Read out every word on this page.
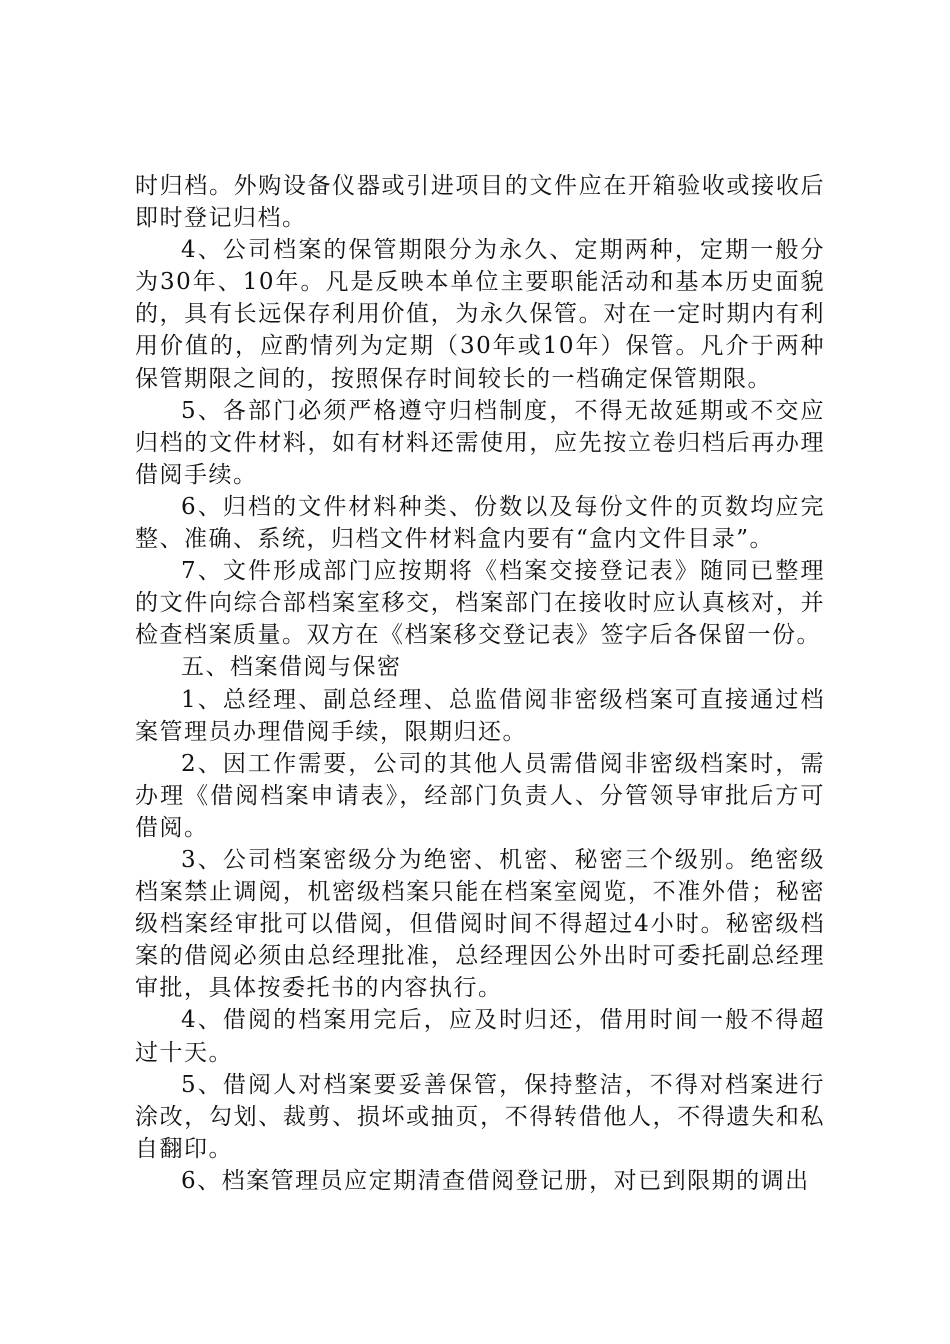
时归档。外购设备仪器或引进项目的文件应在开箱验收或接收后即时登记归档。

4、公司档案的保管期限分为永久、定期两种，定期一般分为30年、10年。凡是反映本单位主要职能活动和基本历史面貌的，具有长远保存利用价值，为永久保管。对在一定时期内有利用价值的，应酌情列为定期（30年或10年）保管。凡介于两种保管期限之间的，按照保存时间较长的一档确定保管期限。

5、各部门必须严格遵守归档制度，不得无故延期或不交应归档的文件材料，如有材料还需使用，应先按立卷归档后再办理借阅手续。

6、归档的文件材料种类、份数以及每份文件的页数均应完整、准确、系统，归档文件材料盒内要有“盒内文件目录”。

7、文件形成部门应按期将《档案交接登记表》随同已整理的文件向综合部档案室移交，档案部门在接收时应认真核对，并检查档案质量。双方在《档案移交登记表》签字后各保留一份。

五、档案借阅与保密

1、总经理、副总经理、总监借阅非密级档案可直接通过档案管理员办理借阅手续，限期归还。

2、因工作需要，公司的其他人员需借阅非密级档案时，需办理《借阅档案申请表》，经部门负责人、分管领导审批后方可借阅。

3、公司档案密级分为绝密、机密、秘密三个级别。绝密级档案禁止调阅，机密级档案只能在档案室阅览，不准外借；秘密级档案经审批可以借阅，但借阅时间不得超过4小时。秘密级档案的借阅必须由总经理批准，总经理因公外出时可委托副总经理审批，具体按委托书的内容执行。

4、借阅的档案用完后，应及时归还，借用时间一般不得超过十天。

5、借阅人对档案要妥善保管，保持整洁，不得对档案进行涂改，勾划、裁剪、损坏或抽页，不得转借他人，不得遗失和私自翻印。

6、档案管理员应定期清查借阅登记册，对已到限期的调出
